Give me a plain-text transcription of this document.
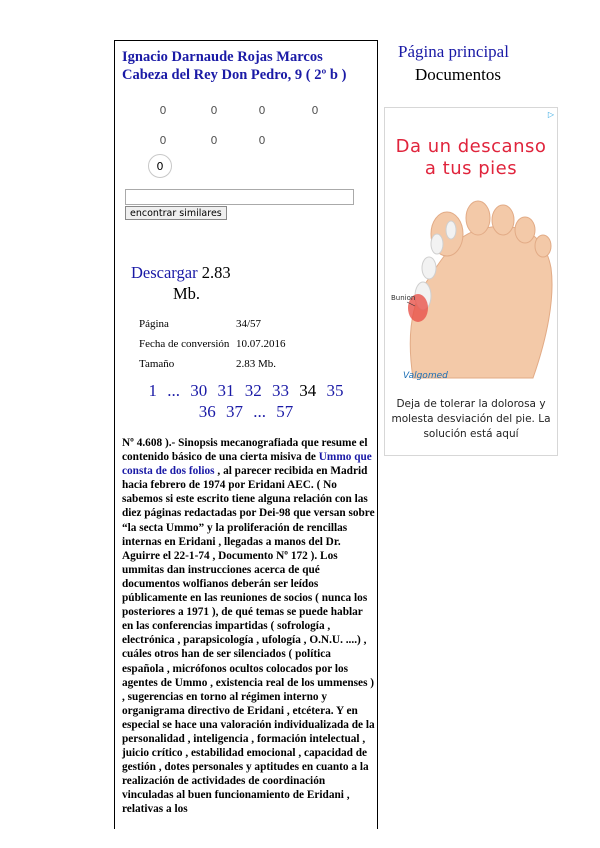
Ignacio Darnaude Rojas Marcos
Cabeza del Rey Don Pedro, 9 ( 2º b )
0	0	0	0
0	0	0
0
encontrar similares
Descargar 2.83
Mb.
Página	34/57
Fecha de conversión 10.07.2016
Tamaño	2.83 Mb.
1 ... 30 31 32 33 34 35
36 37 ... 57
Nº 4.608 ).- Sinopsis mecanografiada que resume el contenido básico de una cierta misiva de Ummo que consta de dos folios , al parecer recibida en Madrid hacia febrero de 1974 por Eridani AEC. ( No sabemos si este escrito tiene alguna relación con las diez páginas redactadas por Dei-98 que versan sobre “la secta Ummo” y la proliferación de rencillas internas en Eridani , llegadas a manos del Dr. Aguirre el 22-1-74 , Documento Nº 172 ). Los ummitas dan instrucciones acerca de qué documentos wolfianos deberán ser leídos públicamente en las reuniones de socios ( nunca los posteriores a 1971 ), de qué temas se puede hablar en las conferencias impartidas ( sofrología , electrónica , parapsicología , ufología , O.N.U. ....) , cuáles otros han de ser silenciados ( política española , micrófonos ocultos colocados por los agentes de Ummo , existencia real de los ummenses ) , sugerencias en torno al régimen interno y organigrama directivo de Eridani , etcétera. Y en especial se hace una valoración individualizada de la personalidad , inteligencia , formación intelectual , juicio crítico , estabilidad emocional , capacidad de gestión , dotes personales y aptitudes en cuanto a la realización de actividades de coordinación vinculadas al buen funcionamiento de Eridani , relativas a los
Página principal
Documentos
▷
Da un descanso
a tus pies
Bunion
Valgomed
Deja de tolerar la dolorosa y molesta desviación del pie. La solución está aquí
